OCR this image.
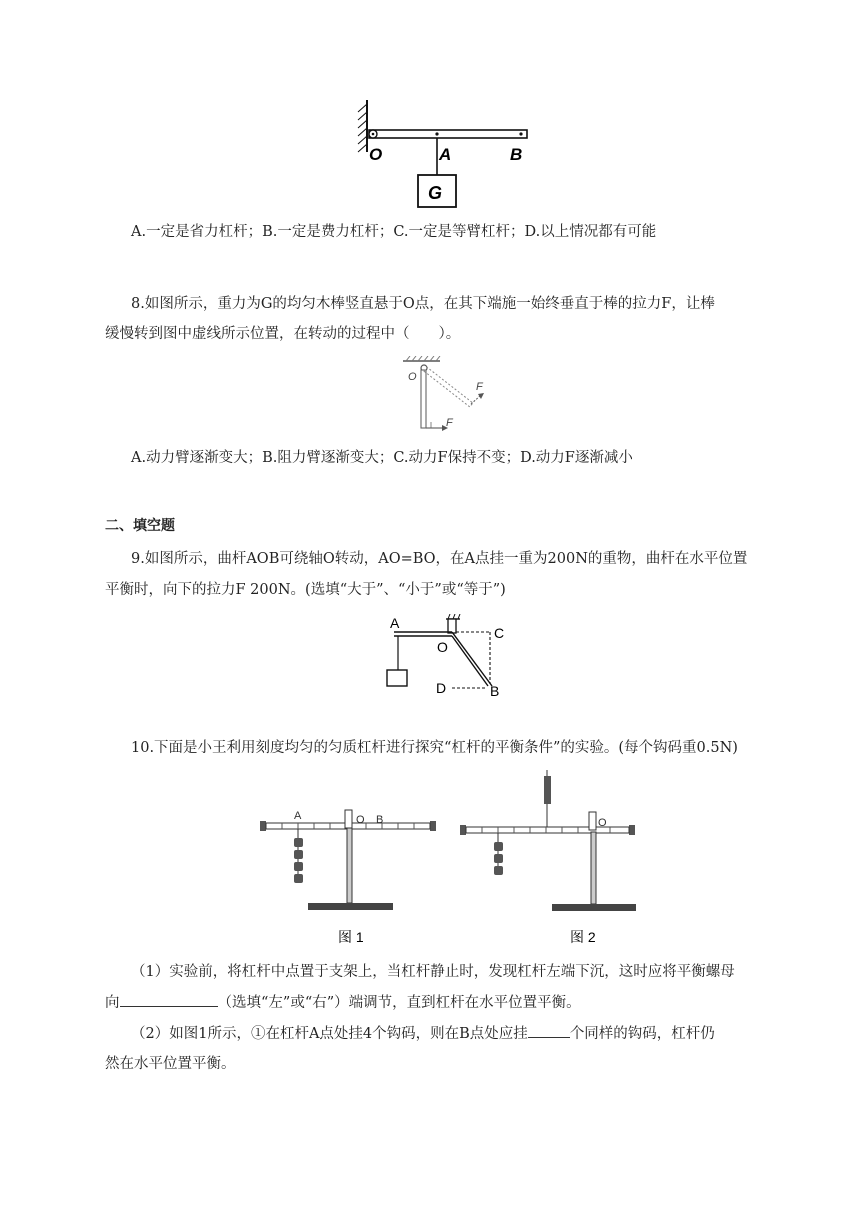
O	A	B
G
A.一定是省力杠杆；B.一定是费力杠杆；C.一定是等臂杠杆；D.以上情况都有可能
8.如图所示，重力为G的均匀木棒竖直悬于O点，在其下端施一始终垂直于棒的拉力F，让棒
缓慢转到图中虚线所示位置，在转动的过程中（　　）。
O
F
F
A.动力臂逐渐变大；B.阻力臂逐渐变大；C.动力F保持不变；D.动力F逐渐减小
二、填空题
9.如图所示，曲杆AOB可绕轴O转动，AO=BO，在A点挂一重为200N的重物，曲杆在水平位置
平衡时，向下的拉力F 200N。(选填“大于”、“小于”或“等于”)
A
O
C
D	B
10.下面是小王利用刻度均匀的匀质杠杆进行探究“杠杆的平衡条件”的实验。(每个钩码重0.5N)
A	O B
图 1
O
图 2
（1）实验前，将杠杆中点置于支架上，当杠杆静止时，发现杠杆左端下沉，这时应将平衡螺母
向	（选填“左”或“右”）端调节，直到杠杆在水平位置平衡。
（2）如图1所示，①在杠杆A点处挂4个钩码，则在B点处应挂	个同样的钩码，杠杆仍
然在水平位置平衡。
